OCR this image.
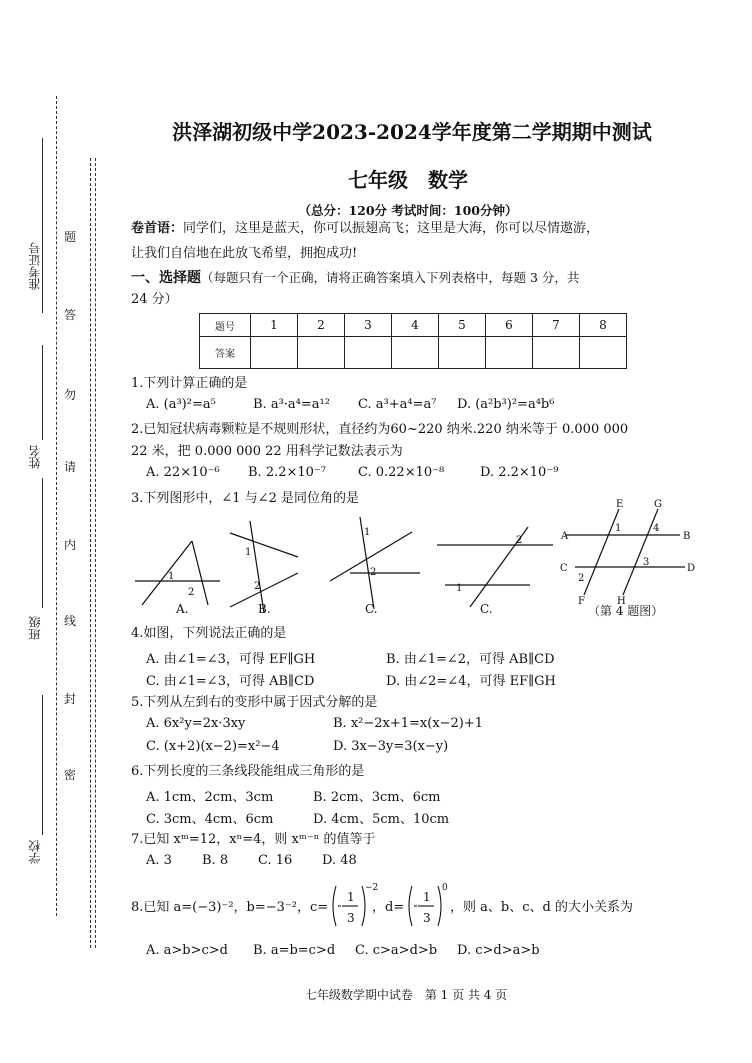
准考证号
姓名
班级
学校
题
答
勿
请
内
线
封
密
洪泽湖初级中学2023-2024学年度第二学期期中测试
七年级　数学
（总分：120分 考试时间：100分钟）
卷首语：同学们，这里是蓝天，你可以振翅高飞；这里是大海，你可以尽情遨游，
让我们自信地在此放飞希望，拥抱成功!
一、选择题（每题只有一个正确，请将正确答案填入下列表格中，每题 3 分，共
24 分）
题号	1	2	3	4	5	6	7	8
答案								
1.下列计算正确的是
A. (a³)²=a⁵	B. a³·a⁴=a¹² C. a³+a⁴=a⁷ D. (a²b³)²=a⁴b⁶
2.已知冠状病毒颗粒是不规则形状，直径约为60~220 纳米.220 纳米等于 0.000 000
22 米，把 0.000 000 22 用科学记数法表示为
A. 22×10⁻⁶ B. 2.2×10⁻⁷ C. 0.22×10⁻⁸	D. 2.2×10⁻⁹
3.下列图形中，∠1 与∠2 是同位角的是
1
2
1
2
1
2
2
1
E	G
A	B
C	D
F	H
1	4
2
3
A.	B.	C.	C.	（第 4 题图）
4.如图，下列说法正确的是
A. 由∠1=∠3，可得 EF∥GH	B. 由∠1=∠2，可得 AB∥CD
C. 由∠1=∠3，可得 AB∥CD	D. 由∠2=∠4，可得 EF∥GH
5.下列从左到右的变形中属于因式分解的是
A. 6x²y=2x·3xy	B. x²−2x+1=x(x−2)+1
C. (x+2)(x−2)=x²−4	D. 3x−3y=3(x−y)
6.下列长度的三条线段能组成三角形的是
A. 1cm、2cm、3cm	B. 2cm、3cm、6cm
C. 3cm、4cm、6cm	D. 4cm、5cm、10cm
7.已知 xᵐ=12，xⁿ=4，则 xᵐ⁻ⁿ 的值等于
A. 3 B. 8 C. 16 D. 48
8.已知 a=(−3)⁻²，b=−3⁻²，c=
1
3
−2
，d=
1
3
0
，则 a、b、c、d 的大小关系为
A. a>b>c>d B. a=b=c>d C. c>a>d>b D. c>d>a>b
七年级数学期中试卷　第 1 页 共 4 页
